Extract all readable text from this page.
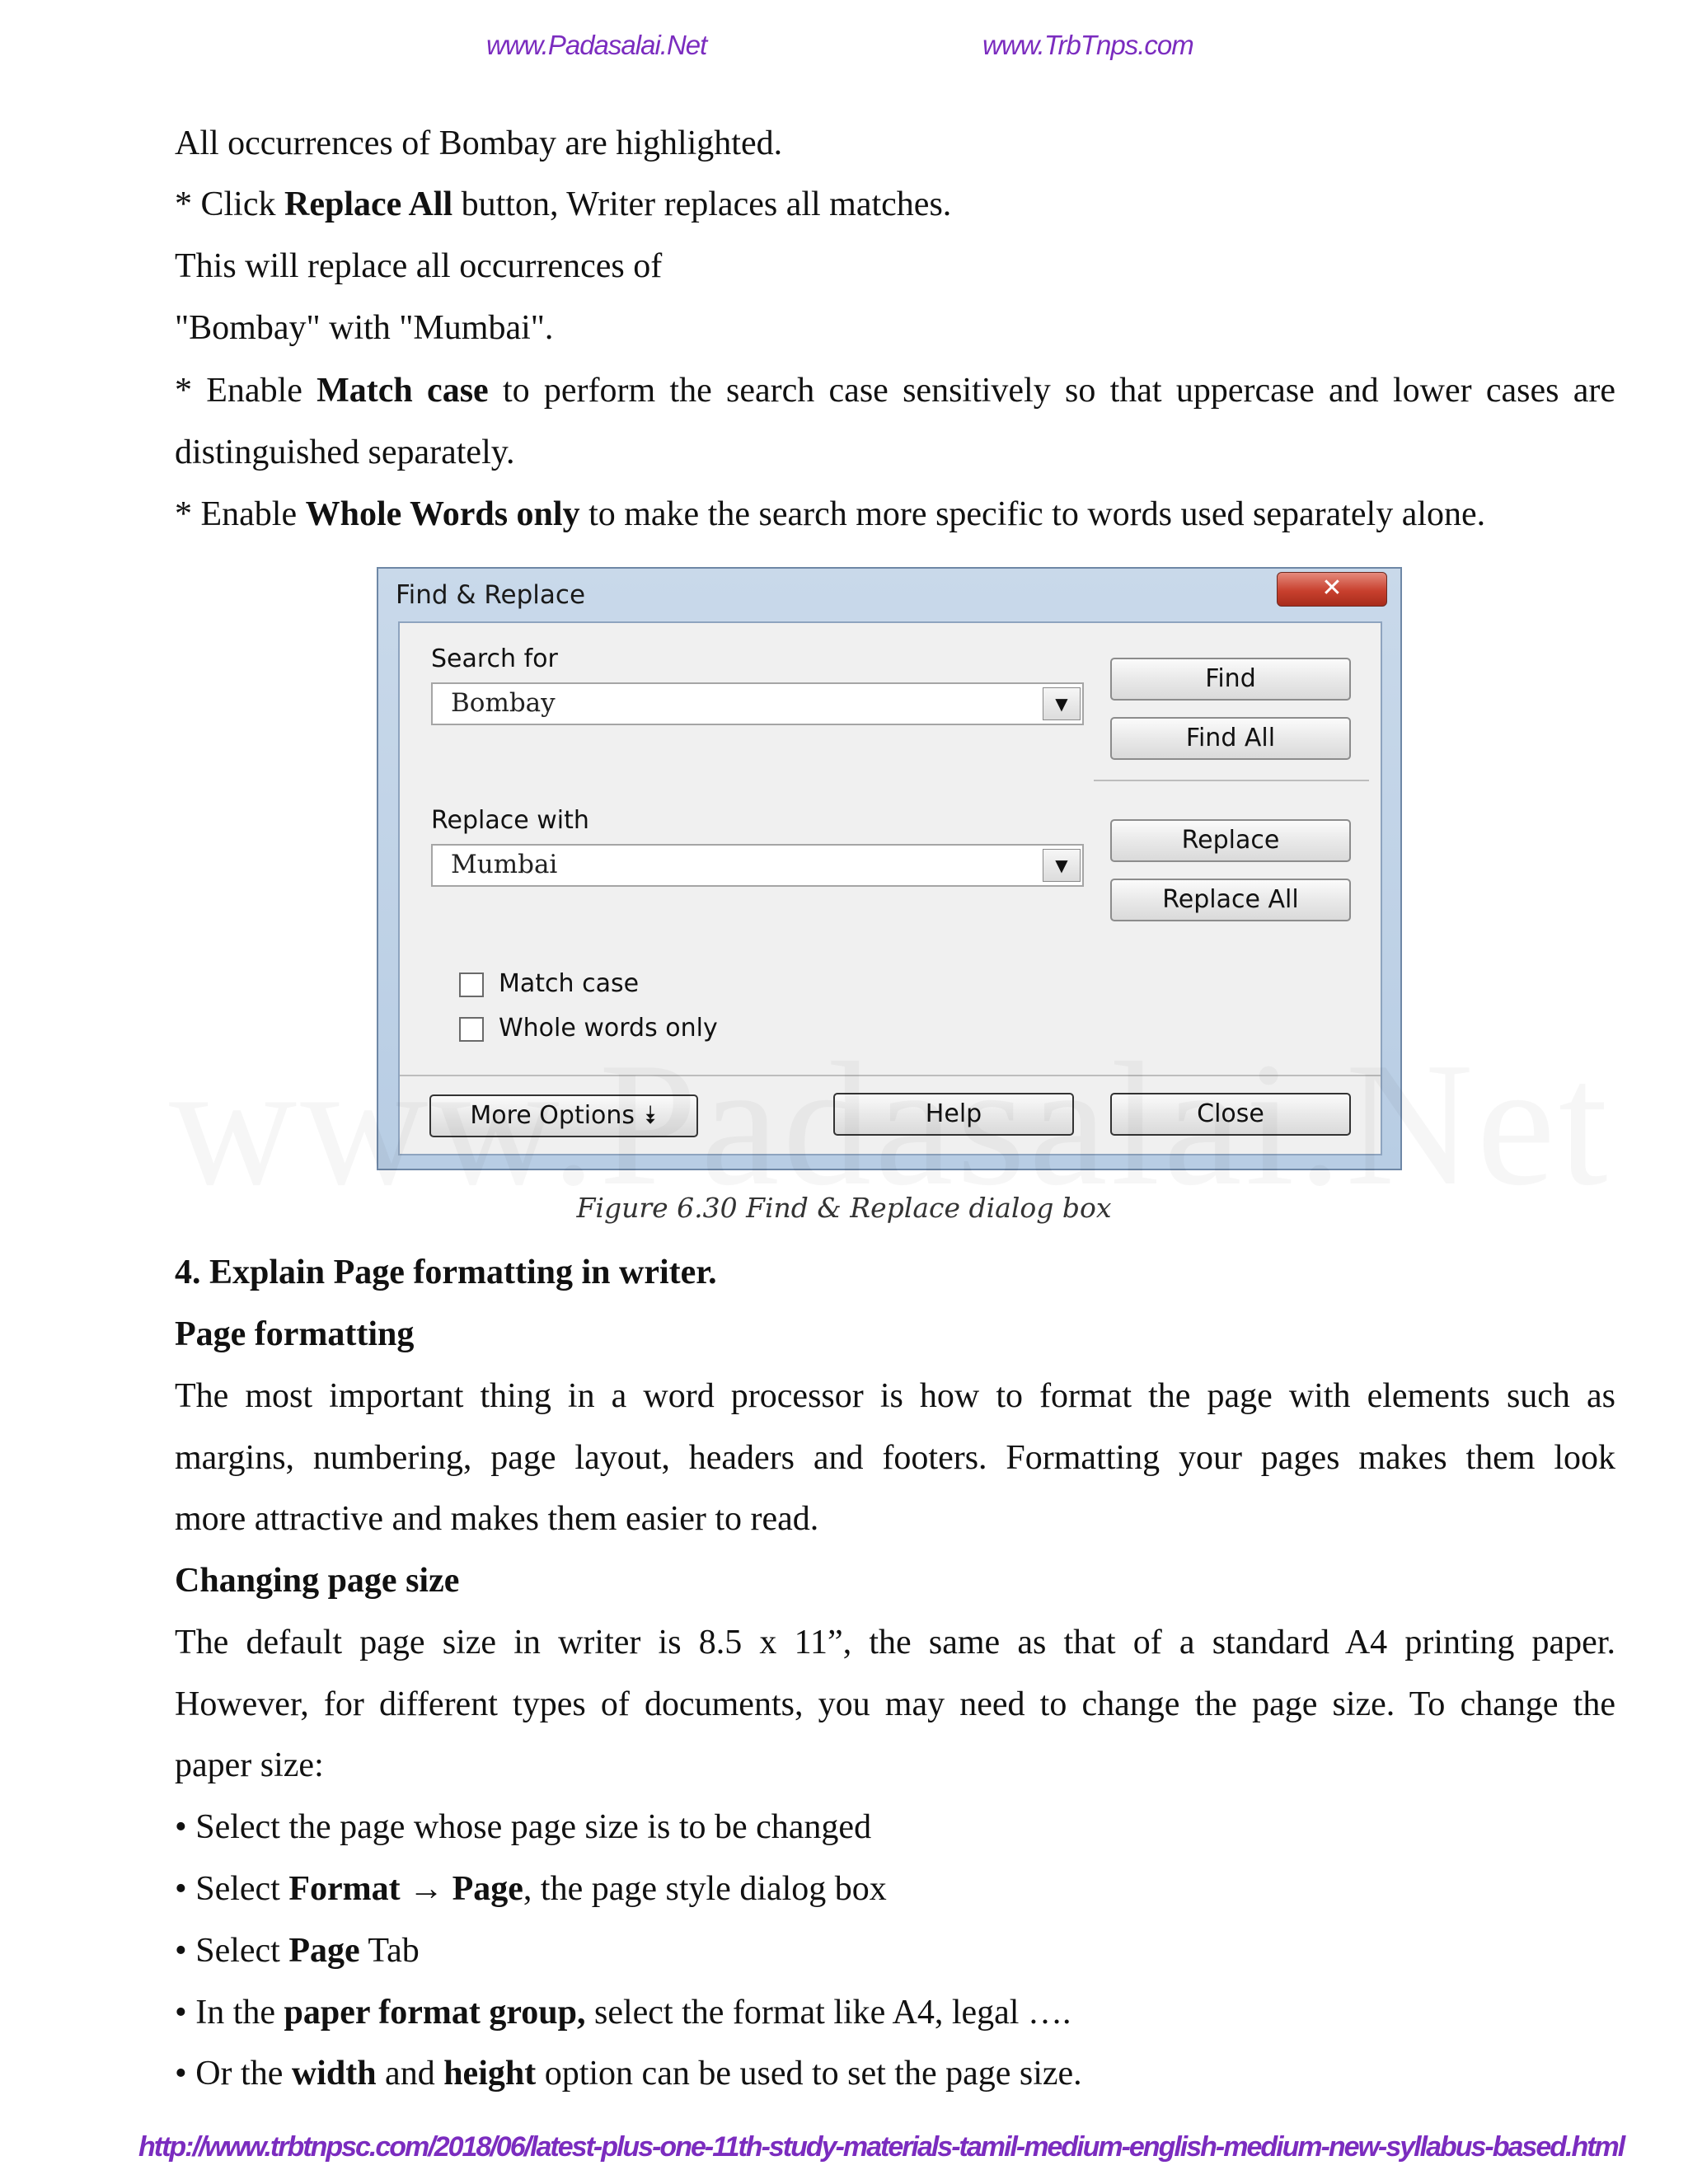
www.Padasalai.Net	www.TrbTnps.com
All occurrences of Bombay are highlighted.
* Click Replace All button, Writer replaces all matches.
This will replace all occurrences of
"Bombay" with "Mumbai".
* Enable Match case to perform the search case sensitively so that uppercase and lower cases are
distinguished separately.
* Enable Whole Words only to make the search more specific to words used separately alone.
Find & Replace	✕
Search for
Bombay	▼
Replace with
Mumbai	▼
Find
Find All
Replace
Replace All
Match case
Whole words only
More Options ⯯	Help	Close
Figure 6.30 Find & Replace dialog box
4. Explain Page formatting in writer.
Page formatting
The most important thing in a word processor is how to format the page with elements such as
margins, numbering, page layout, headers and footers. Formatting your pages makes them look
more attractive and makes them easier to read.
Changing page size
The default page size in writer is 8.5 x 11”, the same as that of a standard A4 printing paper.
However, for different types of documents, you may need to change the page size. To change the
paper size:
• Select the page whose page size is to be changed
• Select Format → Page, the page style dialog box
• Select Page Tab
• In the paper format group, select the format like A4, legal ….
• Or the width and height option can be used to set the page size.
http://www.trbtnpsc.com/2018/06/latest-plus-one-11th-study-materials-tamil-medium-english-medium-new-syllabus-based.html
